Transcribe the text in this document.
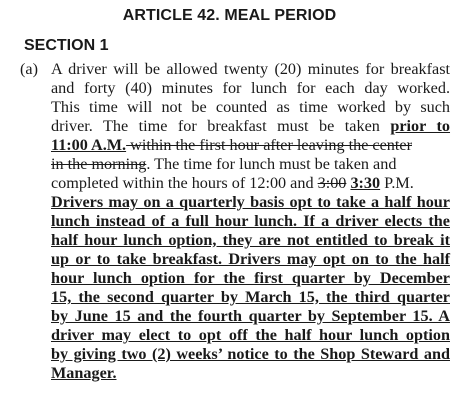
ARTICLE 42. MEAL PERIOD
SECTION 1
(a) A driver will be allowed twenty (20) minutes for breakfast
and forty (40) minutes for lunch for each day worked.
This time will not be counted as time worked by such
driver. The time for breakfast must be taken prior to
11:00 A.M. within the first hour after leaving the center
in the morning. The time for lunch must be taken and
completed within the hours of 12:00 and 3:00 3:30 P.M.
Drivers may on a quarterly basis opt to take a half hour
lunch instead of a full hour lunch. If a driver elects the
half hour lunch option, they are not entitled to break it
up or to take breakfast. Drivers may opt on to the half
hour lunch option for the first quarter by December
15, the second quarter by March 15, the third quarter
by June 15 and the fourth quarter by September 15. A
driver may elect to opt off the half hour lunch option
by giving two (2) weeks’ notice to the Shop Steward and
Manager.
